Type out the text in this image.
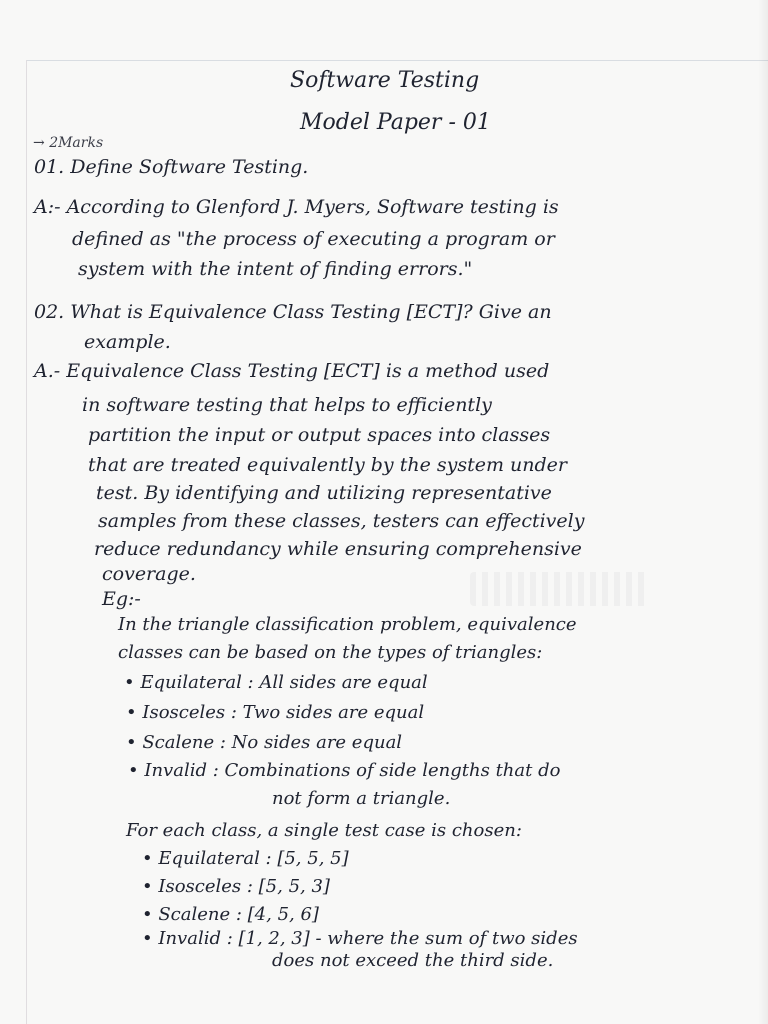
Software Testing

Model Paper - 01

→ 2Marks

01. Define Software Testing.

A:- According to Glenford J. Myers, Software testing is

defined as "the process of executing a program or

system with the intent of finding errors."

02. What is Equivalence Class Testing [ECT]? Give an

example.

A.- Equivalence Class Testing [ECT] is a method used

in software testing that helps to efficiently

partition the input or output spaces into classes

that are treated equivalently by the system under

test. By identifying and utilizing representative

samples from these classes, testers can effectively

reduce redundancy while ensuring comprehensive

coverage.

Eg:-

In the triangle classification problem, equivalence

classes can be based on the types of triangles:

• Equilateral : All sides are equal

• Isosceles : Two sides are equal

• Scalene : No sides are equal

• Invalid : Combinations of side lengths that do

not form a triangle.

For each class, a single test case is chosen:

• Equilateral : [5, 5, 5]

• Isosceles : [5, 5, 3]

• Scalene : [4, 5, 6]

• Invalid : [1, 2, 3] - where the sum of two sides

does not exceed the third side.
